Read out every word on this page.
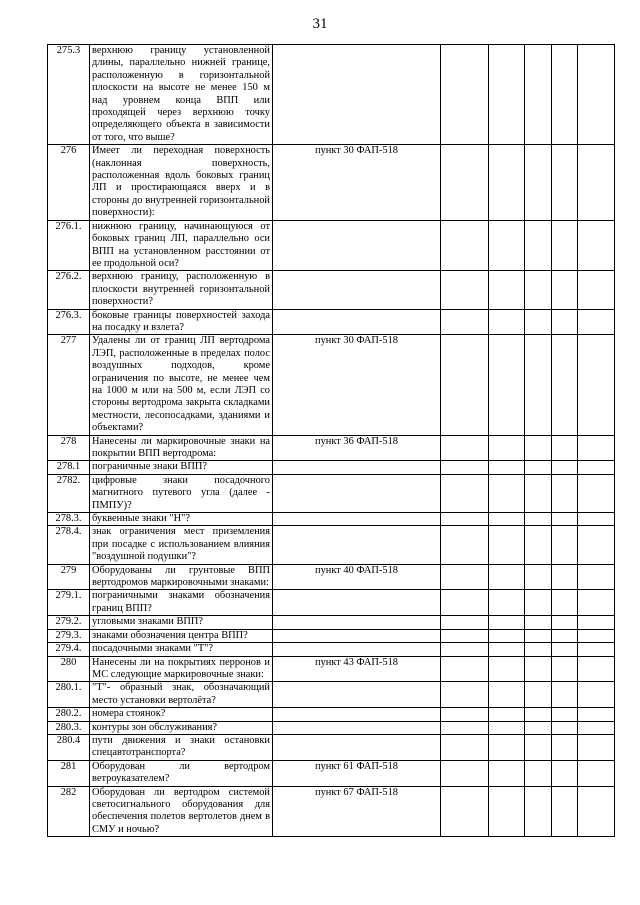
31
275.3	верхнюю границу установленной длины, параллельно нижней границе, расположенную в горизонтальной плоскости на высоте не менее 150 м над уровнем конца ВПП или проходящей через верхнюю точку определяющего объекта в зависимости от того, что выше?						
276	Имеет ли переходная поверхность (наклонная поверхность, расположенная вдоль боковых границ ЛП и простирающаяся вверх и в стороны до внутренней горизонтальной поверхности):	пункт 30 ФАП-518					
276.1.	нижнюю границу, начинающуюся от боковых границ ЛП, параллельно оси ВПП на установленном расстоянии от ее продольной оси?						
276.2.	верхнюю границу, расположенную в плоскости внутренней горизонтальной поверхности?						
276.3.	боковые границы поверхностей захода на посадку и взлета?						
277	Удалены ли от границ ЛП вертодрома ЛЭП, расположенные в пределах полос воздушных подходов, кроме ограничения по высоте, не менее чем на 1000 м или на 500 м, если ЛЭП со стороны вертодрома закрыта складками местности, лесопосадками, зданиями и объектами?	пункт 30 ФАП-518					
278	Нанесены ли маркировочные знаки на покрытии ВПП вертодрома:	пункт 36 ФАП-518					
278.1	пограничные знаки ВПП?						
2782.	цифровые знаки посадочного магнитного путевого угла (далее - ПМПУ)?						
278.3.	буквенные знаки "Н"?						
278.4.	знак ограничения мест приземления при посадке с использованием влияния "воздушной подушки"?						
279	Оборудованы ли грунтовые ВПП вертодромов маркировочными знаками:	пункт 40 ФАП-518					
279.1.	пограничными знаками обозначения границ ВПП?						
279.2.	угловыми знаками ВПП?						
279.3.	знаками обозначения центра ВПП?						
279.4.	посадочными знаками "Т"?						
280	Нанесены ли на покрытиях перронов и МС следующие маркировочные знаки:	пункт 43 ФАП-518					
280.1.	"Т"- образный знак, обозначающий место установки вертолёта?						
280.2.	номера стоянок?						
280.3.	контуры зон обслуживания?						
280.4	пути движения и знаки остановки спецавтотранспорта?						
281	Оборудован ли вертодром ветроуказателем?	пункт 61 ФАП-518					
282	Оборудован ли вертодром системой светосигнального оборудования для обеспечения полетов вертолетов днем в СМУ и ночью?	пункт 67 ФАП-518					
